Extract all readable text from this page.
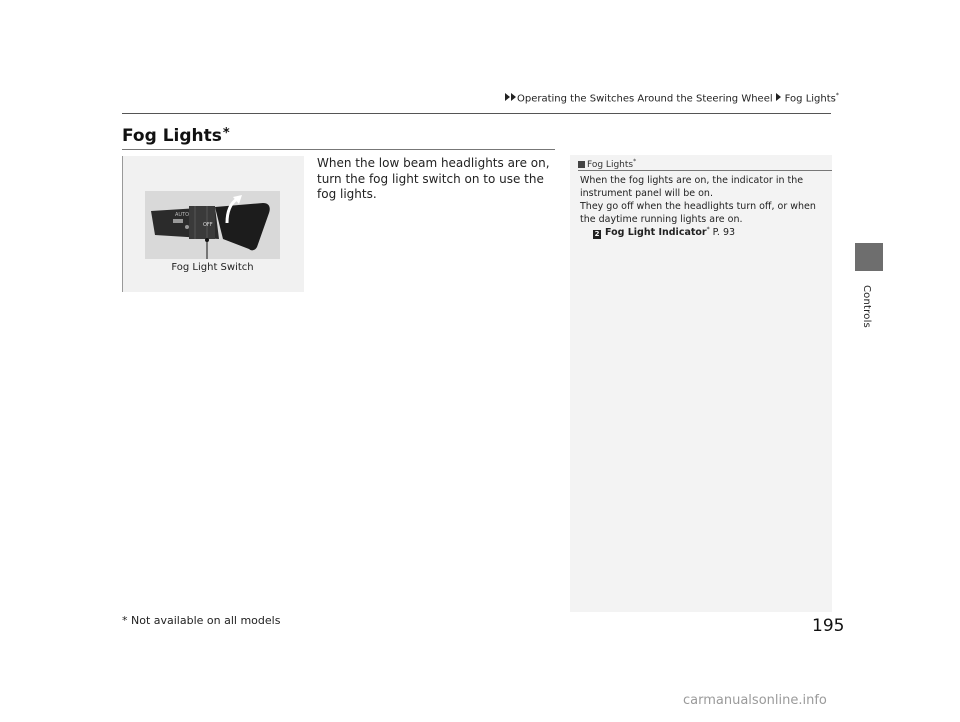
Operating the Switches Around the Steering Wheel Fog Lights*
Controls
Fog Lights*
AUTO
OFF
Fog Light Switch
When the low beam headlights are on, turn the fog light switch on to use the fog lights.
Fog Lights*
When the fog lights are on, the indicator in the instrument panel will be on.
They go off when the headlights turn off, or when the daytime running lights are on.
2 Fog Light Indicator* P. 93
* Not available on all models	195
carmanualsonline.info
